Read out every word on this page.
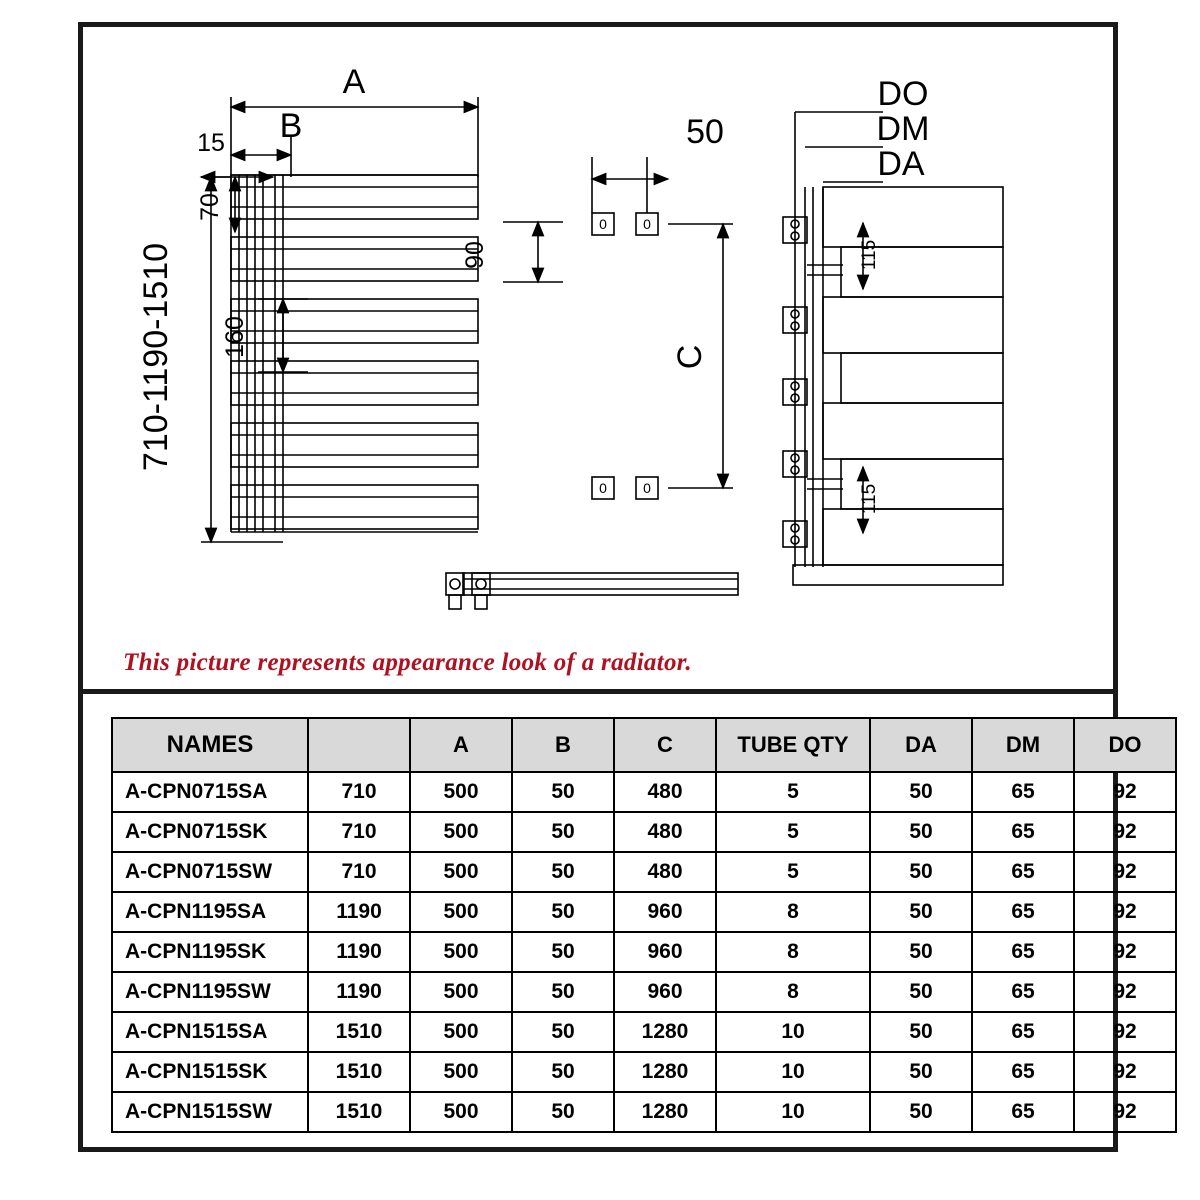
0	0
0	0
A
B
15
70
90
160
710-1190-1510
50
C
DO
DM
DA
115
115
This picture represents appearance look of a radiator.
NAMES		A	B	C	TUBE QTY	DA	DM	DO
A-CPN0715SA	710	500	50	480	5	50	65	92
A-CPN0715SK	710	500	50	480	5	50	65	92
A-CPN0715SW	710	500	50	480	5	50	65	92
A-CPN1195SA	1190	500	50	960	8	50	65	92
A-CPN1195SK	1190	500	50	960	8	50	65	92
A-CPN1195SW	1190	500	50	960	8	50	65	92
A-CPN1515SA	1510	500	50	1280	10	50	65	92
A-CPN1515SK	1510	500	50	1280	10	50	65	92
A-CPN1515SW	1510	500	50	1280	10	50	65	92
